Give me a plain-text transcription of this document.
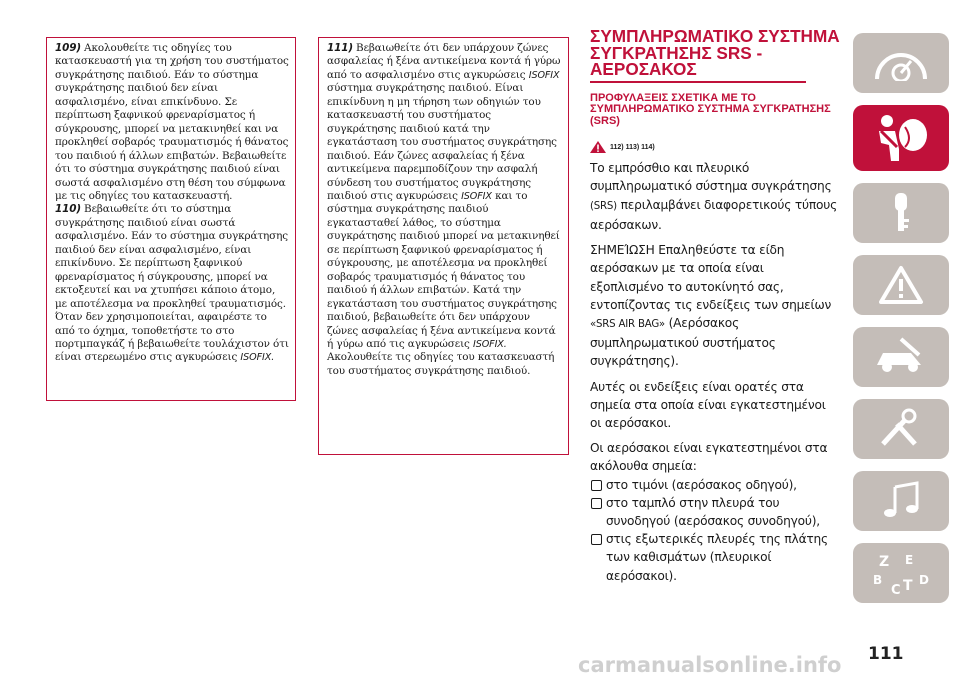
109) Ακολουθείτε τις οδηγίες του κατασκευαστή για τη χρήση του συστήματος συγκράτησης παιδιού. Εάν το σύστημα συγκράτησης παιδιού δεν είναι ασφαλισμένο, είναι επικίνδυνο. Σε περίπτωση ξαφνικού φρεναρίσματος ή σύγκρουσης, μπορεί να μετακινηθεί και να προκληθεί σοβαρός τραυματισμός ή θάνατος του παιδιού ή άλλων επιβατών. Βεβαιωθείτε ότι το σύστημα συγκράτησης παιδιού είναι σωστά ασφαλισμένο στη θέση του σύμφωνα με τις οδηγίες του κατασκευαστή.
110) Βεβαιωθείτε ότι το σύστημα συγκράτησης παιδιού είναι σωστά ασφαλισμένο. Εάν το σύστημα συγκράτησης παιδιού δεν είναι ασφαλισμένο, είναι επικίνδυνο. Σε περίπτωση ξαφνικού φρεναρίσματος ή σύγκρουσης, μπορεί να εκτοξευτεί και να χτυπήσει κάποιο άτομο, με αποτέλεσμα να προκληθεί τραυματισμός. Όταν δεν χρησιμοποιείται, αφαιρέστε το από το όχημα, τοποθετήστε το στο πορτμπαγκάζ ή βεβαιωθείτε τουλάχιστον ότι είναι στερεωμένο στις αγκυρώσεις ISOFIX.

111) Βεβαιωθείτε ότι δεν υπάρχουν ζώνες ασφαλείας ή ξένα αντικείμενα κοντά ή γύρω από το ασφαλισμένο στις αγκυρώσεις ISOFIX σύστημα συγκράτησης παιδιού. Είναι επικίνδυνη η μη τήρηση των οδηγιών του κατασκευαστή του συστήματος συγκράτησης παιδιού κατά την εγκατάσταση του συστήματος συγκράτησης παιδιού. Εάν ζώνες ασφαλείας ή ξένα αντικείμενα παρεμποδίζουν την ασφαλή σύνδεση του συστήματος συγκράτησης παιδιού στις αγκυρώσεις ISOFIX και το σύστημα συγκράτησης παιδιού εγκατασταθεί λάθος, το σύστημα συγκράτησης παιδιού μπορεί να μετακινηθεί σε περίπτωση ξαφνικού φρεναρίσματος ή σύγκρουσης, με αποτέλεσμα να προκληθεί σοβαρός τραυματισμός ή θάνατος του παιδιού ή άλλων επιβατών. Κατά την εγκατάσταση του συστήματος συγκράτησης παιδιού, βεβαιωθείτε ότι δεν υπάρχουν ζώνες ασφαλείας ή ξένα αντικείμενα κοντά ή γύρω από τις αγκυρώσεις ISOFIX. Ακολουθείτε τις οδηγίες του κατασκευαστή του συστήματος συγκράτησης παιδιού.

ΣΥΜΠΛΗΡΩΜΑΤΙΚΟ ΣΥΣΤΗΜΑ ΣΥΓΚΡΑΤΗΣΗΣ SRS - ΑΕΡΟΣΑΚΟΣ
ΠΡΟΦΥΛΑΞΕΙΣ ΣΧΕΤΙΚΑ ΜΕ ΤΟ ΣΥΜΠΛΗΡΩΜΑΤΙΚΟ ΣΥΣΤΗΜΑ ΣΥΓΚΡΑΤΗΣΗΣ (SRS)
112) 113) 114)

Το εμπρόσθιο και πλευρικό συμπληρωματικό σύστημα συγκράτησης (SRS) περιλαμβάνει διαφορετικούς τύπους αερόσακων.

ΣΗΜΕΊΩΣΗ Επαληθεύστε τα είδη αερόσακων με τα οποία είναι εξοπλισμένο το αυτοκίνητό σας, εντοπίζοντας τις ενδείξεις των σημείων «SRS AIR BAG» (Αερόσακος συμπληρωματικού συστήματος συγκράτησης).

Αυτές οι ενδείξεις είναι ορατές στα σημεία στα οποία είναι εγκατεστημένοι οι αερόσακοι.

Οι αερόσακοι είναι εγκατεστημένοι στα ακόλουθα σημεία:

στο τιμόνι (αερόσακος οδηγού),
στο ταμπλό στην πλευρά του συνοδηγού (αερόσακος συνοδηγού),
στις εξωτερικές πλευρές της πλάτης των καθισμάτων (πλευρικοί αερόσακοι).
Z E
B
C T D
111
carmanualsonline.info
